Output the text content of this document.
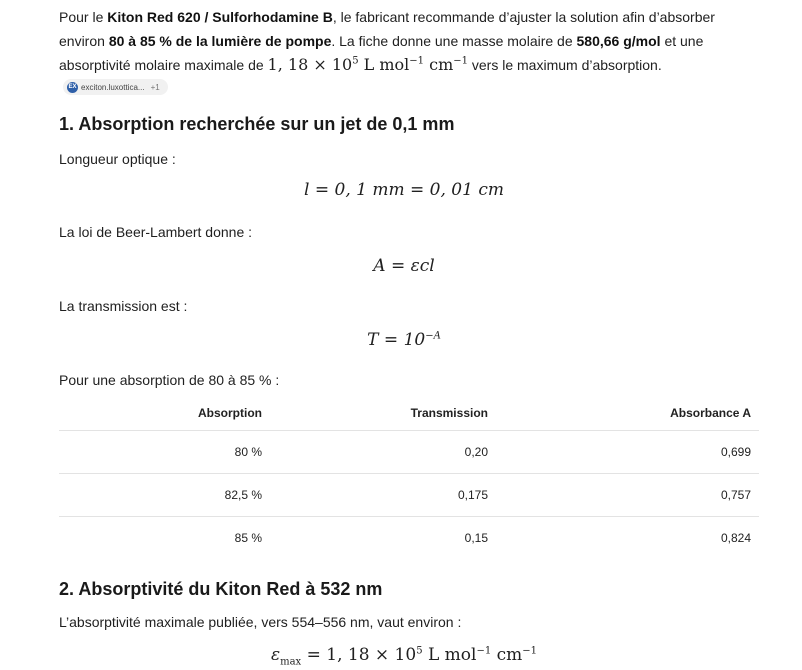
Pour le Kiton Red 620 / Sulforhodamine B, le fabricant recommande d’ajuster la solution afin d’absorber environ 80 à 85 % de la lumière de pompe. La fiche donne une masse molaire de 580,66 g/mol et une absorptivité molaire maximale de 1, $18 \times 10^5$ L mol$^{-1}$ $cm^{-1}$ vers le maximum d’absorption.

EX exciton.luxottica... +1
1. Absorption recherchée sur un jet de 0,1 mm

Longueur optique :

l = 0, 1 mm = 0, 01 cm

La loi de Beer-Lambert donne :

A = εcl

La transmission est :

$T = 10^{-A}$

Pour une absorption de 80 à 85 % :

Absorption	Transmission	Absorbance A
80 %	0,20	0,699
82,5 %	0,175	0,757
85 %	0,15	0,824
2. Absorptivité du Kiton Red à 532 nm

L’absorptivité maximale publiée, vers 554–556 nm, vaut environ :

$\varepsilon_{max} = 1$, $18 \times 10^5$ L mol$^{-1}$ $cm^{-1}$
